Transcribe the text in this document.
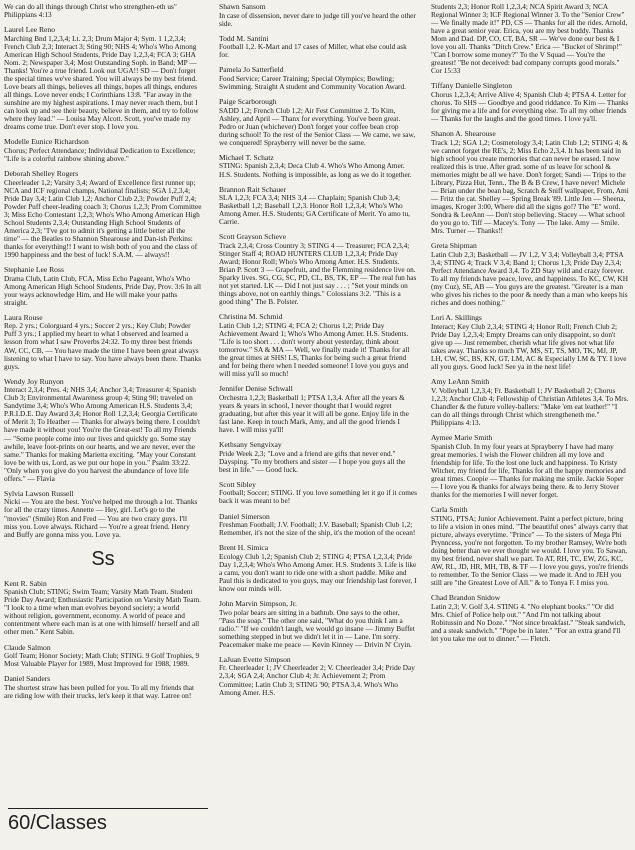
We can do all things through Christ who strengthen-eth us" Philippians 4:13
Laurel Lee Reno
Marching Bnd 1,2,3,4; Lt. 2,3; Drum Major 4; Sym. 1 1,2,3,4; French Club 2,3; Interact 3; Sting 90; NHS 4; Who's Who Among American High School Students, Pride Day 1,2,3,4; FCA 3; GHA Nom. 2; Newspaper 3,4; Most Outstanding Soph. in Band; MP — Thanks! You're a true friend. Look out UGA!! SD — Don't forget the special times we've shared. You will always be my best friend. Love bears all things, believes all things, hopes all things, endures all things. Love never ends; I Corinthians 13:8. "Far away in the sunshine are my highest aspirations. I may never reach them, but I can look up and see their beauty, believe in them, and try to follow where they lead." — Louisa May Alcott. Scott, you've made my dreams come true. Don't ever stop. I love you.
Modelle Eunice Richardson
Chorus; Perfect Attendance; Individual Dedication to Excellence; "Life is a colorful rainbow shining above."
Deborah Shelley Rogers
Cheerleader 1,2; Varsity 3,4; Award of Excellence first runner up; NCA and ICF regional champs, National finalists; SGA 1,2,3,4; Pride Day 3,4; Latin Club 1,2; Anchor Club 2,3; Powder Puff 2,4; Powder Puff cheer-leading coach 3; Chorus 1,2,3; Prom Committee 3; Miss Echo Contestant 1,2,3; Who's Who Among American High School Students 2,3,4; Outstanding High School Students of America 2,3; "I've got to admit it's getting a little better all the time" — the Beatles to Shannon Shearouse and Dan-ish Perkins: thanks for everything!! I want to wish both of you and the class of 1990 happiness and the best of luck! S.A.M. — always!!
Stephanie Lee Ross
Drama Club, Latin Club, FCA, Miss Echo Pageant, Who's Who Among American High School Students, Pride Day, Prov. 3:6 In all your ways acknowledge Him, and He will make your paths straight.
Laura Rouse
Rep. 2 yrs.; Colorguard 4 yrs.; Soccer 2 yrs.; Key Club; Powder Puff 3 yrs.; I applied my heart to what I observed and learned a lesson from what I saw Proverbs 24:32. To my three best friends AW, CC, CB, — You have made the time I have been great always listening to what I have to say. You have always been there. Thanks guys.
Wendy Joy Runyon
Interact 2,3,4; Pres. 4; NHS 3,4; Anchor 3,4; Treasurer 4; Spanish Club 3; Environmental Awareness group 4; Sting 90; traveled on Sandytime 3,4; Who's Who Among American H.S. Students 3,4; P.R.I.D.E. Day Award 3,4; Honor Roll 1,2,3,4; Georgia Certificate of Merit 3; To Heather — Thanks for always being there. I couldn't have made it without you! You're the Great-est! To all my Friends — "Some people come into our lives and quickly go. Some stay awhile, leave foot-prints on our hearts, and we are never, ever the same." Thanks for making Marietta exciting. "May your Constant love be with us, Lord, as we put our hope in you." Psalm 33:22. "Only when you give do you harvest the abundance of love life offers." — Flavia
Sylvia Lawson Russell
Nicki — You are the best. You've helped me through a lot. Thanks for all the crazy times. Annette — Hey, girl. Let's go to the "movies" (Smile) Ron and Fred — You are two crazy guys. I'll miss you. Love always. Richard — You're a great friend. Henry and Buffy are gonna miss you. Love ya.
Ss
Kent R. Sabin
Spanish Club; STING; Swim Team; Varsity Math Team. Student Pride Day Award; Enthusiastic Participation on Varsity Math Team. "I look to a time when man evolves beyond society; a world without religion, government, economy. A world of peace and contentment where each man is at one with himself/ herself and all other men." Kent Sabin.
Claude Salmon
Golf Team; Honor Society; Math Club; STING. 9 Golf Trophies, 9 Most Valuable Player for 1989, Most Improved for 1988, 1989.
Daniel Sanders
The shortest straw has been pulled for you. To all my friends that are riding low with their trucks, let's keep it that way. Latree on!
Shawn Sansom
In case of dissension, never dare to judge till you've heard the other side.
Todd M. Santini
Football 1,2. K-Mart and 17 cases of Miller, what else could ask for.
Pamela Jo Satterfield
Food Service; Career Training; Special Olympics; Bowling; Swimming. Straight A student and Community Vocation Award.
Paige Scarborough
SADD 1,2; French Club 1,2; Air Fest Committee 2. To Kim, Ashley, and April — Thanx for everything. You've been great. Pedro or Juan (whichever) Don't forget your coffee bean crop during school! To the rest of the Senior Class — We came, we saw, we conquered! Sprayberry will never be the same.
Michael T. Schatz
STING: Spanish 2,3,4; Deca Club 4. Who's Who Among Amer. H.S. Students. Nothing is impossible, as long as we do it together.
Brannon Rait Schauer
SLA 1,2,3; FCA 3,4; NHS 3,4 — Chaplain; Spanish Club 3,4; Basketball 1,2; Baseball 1,2,3. Honor Roll 1,2,3,4; Who's Who Among Amer. H.S. Students; GA Certificate of Merit. Yo amo tu, Carrie.
Scott Grayson Scheve
Track 2,3,4; Cross Country 3; STING 4 — Treasurer; FCA 2,3,4; Stinger Staff 4; ROAD HUNTERS CLUB 1,2,3,4; Pride Day Award; Honor Roll; Who's Who Among Amer. H.S. Students. Brian P. Scott 3 — Grapefruit, and the Flemming residence live on. Sparky lives. SG, CG, SC, PD, CL, BS, TK, EP — The real fun has not yet started. LK — Did I not just say . . . ; "Set your minds on things above, not on earthly things." Colossians 3:2. "This is a good thing" The B. Polster.
Christina M. Schmid
Latin Club 1,2; STING 4; FCA 2; Chorus 1,2; Pride Day Achievement Award 1; Who's Who Among Amer. H.S. Students. "Life is too short . . . don't worry about yesterday, think about tomorrow." SA & MA — Well, we finally made it! Thanks for all the great times at SHS! LS, Thanks for being such a great friend and for being there when I needed someone! I love you guys and will miss ya'll so much!
Jennifer Denise Schwall
Orchestra 1,2,3; Basketball 1; PTSA 1,3,4. After all the years & years & years in school, I never thought that I would regret graduating, but after this year it will all be gone. Enjoy life in the fast lane. Keep in touch Mark, Amy, and all the good friends I have. I will miss ya'll!
Kethsany Sengvixay
Pride Week 2,3; "Love and a friend are gifts that never end." Daysping. "To my brothers and sister — I hope you guys all the best in life." — Good luck.
Scott Sibley
Football; Soccer; STING. If you love something let it go if it comes back it was meant to be!
Daniel Simerson
Freshman Football; J.V. Football; J.V. Baseball; Spanish Club 1,2; Remember, it's not the size of the ship, it's the motion of the ocean!
Brent H. Simica
Ecology Club 1,2; Spanish Club 2; STING 4; PTSA 1,2,3,4; Pride Day 1,2,3,4; Who's Who Among Amer. H.S. Students 3. Life is like a canu, you don't want to ride one with a short paddle. Mike and Paul this is dedicated to you guys, may our friendship last forever, I know our minds will.
John Marvin Simpson, Jr.
Two polar bears are sitting in a bathtub. One says to the other, "Pass the soap." The other one said, "What do you think I am a radio." "If we couldn't laugh, we would go insane — Jimmy Buffet something stepped in but we didn't let it in — Lane. I'm sorry. Peacemaker make me peace — Kevin Kinney — Drivin N' Cryin.
LaJuan Evette Simpson
Fr. Cheerleader 1; JV Cheerleader 2; V. Cheerleader 3,4; Pride Day 2,3,4; SGA 2,4; Anchor Club 4; Jr. Achievement 2; Prom Committee; Latin Club 3; STING '90; PTSA 3,4. Who's Who Among Amer. H.S.
Students 2,3; Honor Roll 1,2,3,4; NCA Spirit Award 3; NCA Regional Winner 3; ICF Regional Winner 3. To the "Senior Crew" — We finally made it!" PD, CS — Thanks for all the rides. Arnold, have a great senior year. Erica, you are my best buddy. Thanks Mom and Dad. DP, CO, CT, BA, SR — We've done our best & I love you all. Thanks "Ditch Crew." Erica — "Bucket of Shrimp!" "Can I borrow some money?" To the V Squad — You're the greatest! "Be not deceived: bad company corrupts good morals." Cor 15:33
Tiffany Danielle Singleton
Chorus 1,2,3,4; Arrive Alive 4; Spanish Club 4; PTSA 4. Letter for chorus. To SHS — Goodbye and good riddance. To Kim — Thanks for giving me a life and for everything else. To all my other friends — Thanks for the laughs and the good times. I love ya'll.
Shanon A. Shearouse
Track 1,2; SGA 1,2; Cosmetology 3,4; Latin Club 1,2; STING 4; & we cannot forget the RE's, 2; Miss Echo 2,3,4. It has been said in high school you create memories that can never be erased. I now realized this is true. After grad. some of us leave for school & memories might be all we have. Don't forget; Sandi — Trips to the Library, Pizza Hut, Tenn., The B & B Crew, I have never! Michele — Brian under the bean bag, Scratch & Sniff wallpaper, From, Ami — Fritz the cat. Shelley — Spring Break '89. Little Jen — Sheena, images, Kroger 3:00, Where did all the signs go!? The "E" word. Sondra & LeeAnn — Don't stop believing. Stacey — What school do you go to. Tiff — Macey's. Tony — The lake. Amy — Smile. Mrs. Turner — Thanks!!
Greta Shipman
Latin Club 2,3; Basketball — JV 1,2, V 3,4; Volleyball 3,4; PTSA 3,4; STING 4; Track V 3,4; Band 1; Chorus 1,3; Pride Day 2,3,4; Perfect Attendance Award 3,4. To ZD Stay wild and crazy forever. To all my friends have peace, love, and happiness. To KC, CW, KH (my Cuz), SE, AB — You guys are the greatest. "Greater is a man who gives his riches to the poor & needy than a man who keeps his riches and does nothing."
Lori A. Skillings
Interact; Key Club 2,3,4; STING 4; Honor Roll; French Club 2; Pride Day 1,2,3,4; Empty Dreams can only disappoint, so don't give up — Just remember, cherish what life gives not what life takes away. Thanks so much TW, MS, ST, TS, MO, TK, MJ, JP, LH, CW, SC, BS, KN, GT, LM, AC & Especially LM & TY. I love all you guys. Good luck! See ya in the next life!
Amy LeAnn Smith
V. Volleyball 1,2,3,4; Fr. Basketball 1; JV Basketball 2; Chorus 1,2,3; Anchor Club 4; Fellowship of Christian Athletes 3,4. To Mrs. Chandler & the future volley-ballers: "Make 'em eat leather!" "I can do all things through Christ which strengtheneth me." Philippians 4:13.
Aymee Marie Smith
Spanish Club. In my four years at Sprayberry I have had many great memories. I wish the Flower children all my love and friendship for life. To the lost one luck and happiness. To Kristy Witcher, my friend for life, Thanks for all the happy memories and great times. Coopie — Thanks for making me smile. Jackie Soper — I love you & thanks for always being there. & to Jerry Stover thanks for the memories I will never forget.
Carla Smith
STING, PTSA; Junior Achievement. Paint a perfect picture, bring to life a vision in ones mind. "The beautiful ones" always carry that picture, always everytime. "Prince" — To the sisters of Mega Phi Prynncess, you're not forgotten. To my brother Ramsey, We're both doing better than we ever thought we would. I love you. To Sawan, my best friend, never shall we part. To AT, RH, TC, EW, ZG, KC, AW, RL, JD, HR, MH, TB, & TF — I love you guys, you're friends to remember. To the Senior Class — we made it. And to JEH you still are "the Greatest Love of All." & to Tonya F. I miss you.
Chad Brandon Snidow
Latin 2,3; V. Golf 3,4. STING 4. "No elephant books." "Or did Mrs. Chief of Police help out." "And I'm not talking about Robitussin and No Doze." "Not since breakfast." "Steak sandwich, and a steak sandwich." "Pope be in later." "For an extra grand I'll let you take me out to dinner." — Fletch.
60/Classes
